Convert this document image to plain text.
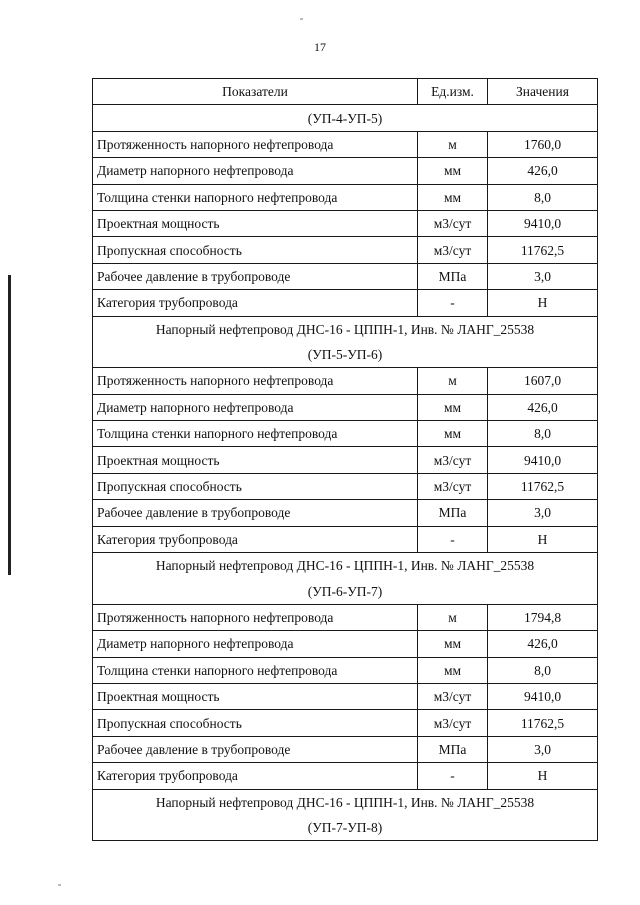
17
Показатели	Ед.изм.	Значения
(УП-4-УП-5)		
Протяженность напорного нефтепровода	м	1760,0
Диаметр напорного нефтепровода	мм	426,0
Толщина стенки напорного нефтепровода	мм	8,0
Проектная мощность	м3/сут	9410,0
Пропускная способность	м3/сут	11762,5
Рабочее давление в трубопроводе	МПа	3,0
Категория трубопровода	-	Н
Напорный нефтепровод ДНС-16 - ЦППН-1, Инв. № ЛАНГ_25538		
(УП-5-УП-6)		
Протяженность напорного нефтепровода	м	1607,0
Диаметр напорного нефтепровода	мм	426,0
Толщина стенки напорного нефтепровода	мм	8,0
Проектная мощность	м3/сут	9410,0
Пропускная способность	м3/сут	11762,5
Рабочее давление в трубопроводе	МПа	3,0
Категория трубопровода	-	Н
Напорный нефтепровод ДНС-16 - ЦППН-1, Инв. № ЛАНГ_25538		
(УП-6-УП-7)		
Протяженность напорного нефтепровода	м	1794,8
Диаметр напорного нефтепровода	мм	426,0
Толщина стенки напорного нефтепровода	мм	8,0
Проектная мощность	м3/сут	9410,0
Пропускная способность	м3/сут	11762,5
Рабочее давление в трубопроводе	МПа	3,0
Категория трубопровода	-	Н
Напорный нефтепровод ДНС-16 - ЦППН-1, Инв. № ЛАНГ_25538		
(УП-7-УП-8)		
